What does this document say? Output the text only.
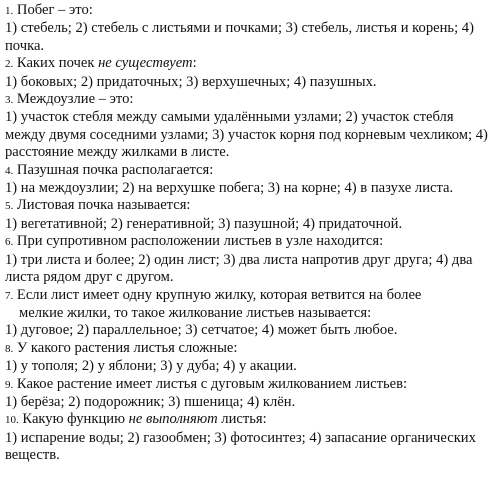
1. Побег – это:

1) стебель; 2) стебель с листьями и почками; 3) стебель, листья и корень; 4) почка.

2. Каких почек не существует:

1) боковых; 2) придаточных; 3) верхушечных; 4) пазушных.

3. Междоузлие – это:

1) участок стебля между самыми удалёнными узлами; 2) участок стебля между двумя соседними узлами; 3) участок корня под корневым чехликом; 4) расстояние между жилками в листе.

4. Пазушная почка располагается:

1) на междоузлии; 2) на верхушке побега; 3) на корне; 4) в пазухе листа.

5. Листовая почка называется:

1) вегетативной; 2) генеративной; 3) пазушной; 4) придаточной.

6. При супротивном расположении листьев в узле находится:

1) три листа и более; 2) один лист; 3) два листа напротив друг друга; 4) два листа рядом друг с другом.

7. Если лист имеет одну крупную жилку, которая ветвится на более
мелкие жилки, то такое жилкование листьев называется:

1) дуговое; 2) параллельное; 3) сетчатое; 4) может быть любое.

8. У какого растения листья сложные:

1) у тополя; 2) у яблони; 3) у дуба; 4) у акации.

9. Какое растение имеет листья с дуговым жилкованием листьев:

1) берёза; 2) подорожник; 3) пшеница; 4) клён.

10. Какую функцию не выполняют листья:

1) испарение воды; 2) газообмен; 3) фотосинтез; 4) запасание органических веществ.
